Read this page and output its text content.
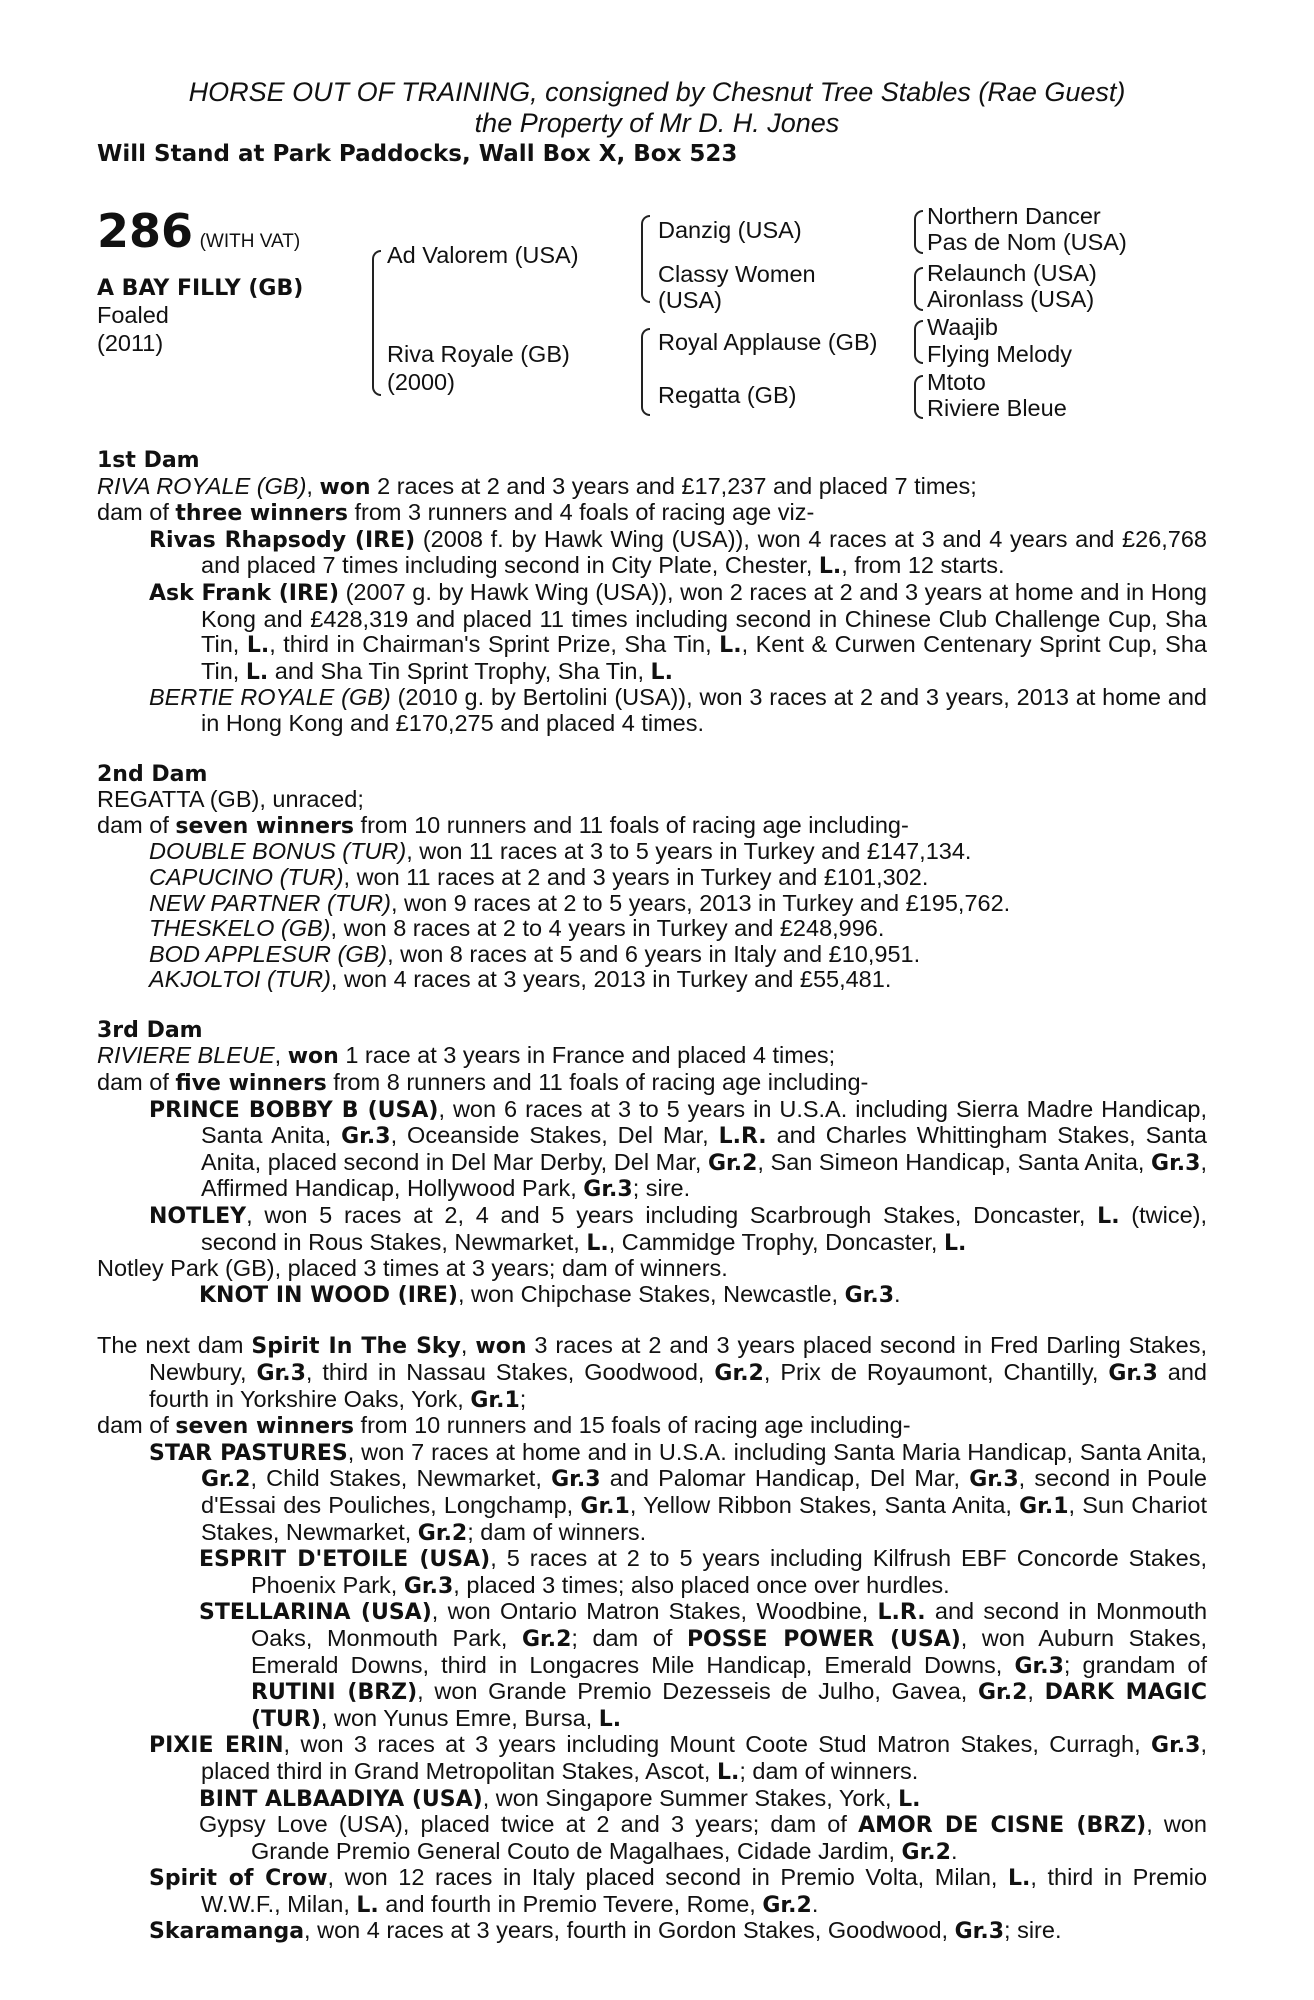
HORSE OUT OF TRAINING, consigned by Chesnut Tree Stables (Rae Guest)
the Property of Mr D. H. Jones
Will Stand at Park Paddocks, Wall Box X, Box 523
286 (WITH VAT)
A BAY FILLY (GB)
Foaled
(2011)
Ad Valorem (USA)
Riva Royale (GB)
(2000)
Danzig (USA)
Classy Women
(USA)
Royal Applause (GB)
Regatta (GB)
Northern Dancer
Pas de Nom (USA)
Relaunch (USA)
Aironlass (USA)
Waajib
Flying Melody
Mtoto
Riviere Bleue
1st Dam
RIVA ROYALE (GB), won 2 races at 2 and 3 years and £17,237 and placed 7 times;
dam of three winners from 3 runners and 4 foals of racing age viz-
Rivas Rhapsody (IRE) (2008 f. by Hawk Wing (USA)), won 4 races at 3 and 4 years and £26,768 and placed 7 times including second in City Plate, Chester, L., from 12 starts.
Ask Frank (IRE) (2007 g. by Hawk Wing (USA)), won 2 races at 2 and 3 years at home and in Hong Kong and £428,319 and placed 11 times including second in Chinese Club Challenge Cup, Sha Tin, L., third in Chairman's Sprint Prize, Sha Tin, L., Kent & Curwen Centenary Sprint Cup, Sha Tin, L. and Sha Tin Sprint Trophy, Sha Tin, L.
BERTIE ROYALE (GB) (2010 g. by Bertolini (USA)), won 3 races at 2 and 3 years, 2013 at home and in Hong Kong and £170,275 and placed 4 times.
2nd Dam
REGATTA (GB), unraced;
dam of seven winners from 10 runners and 11 foals of racing age including-
DOUBLE BONUS (TUR), won 11 races at 3 to 5 years in Turkey and £147,134.
CAPUCINO (TUR), won 11 races at 2 and 3 years in Turkey and £101,302.
NEW PARTNER (TUR), won 9 races at 2 to 5 years, 2013 in Turkey and £195,762.
THESKELO (GB), won 8 races at 2 to 4 years in Turkey and £248,996.
BOD APPLESUR (GB), won 8 races at 5 and 6 years in Italy and £10,951.
AKJOLTOI (TUR), won 4 races at 3 years, 2013 in Turkey and £55,481.
3rd Dam
RIVIERE BLEUE, won 1 race at 3 years in France and placed 4 times;
dam of five winners from 8 runners and 11 foals of racing age including-
PRINCE BOBBY B (USA), won 6 races at 3 to 5 years in U.S.A. including Sierra Madre Handicap, Santa Anita, Gr.3, Oceanside Stakes, Del Mar, L.R. and Charles Whittingham Stakes, Santa Anita, placed second in Del Mar Derby, Del Mar, Gr.2, San Simeon Handicap, Santa Anita, Gr.3, Affirmed Handicap, Hollywood Park, Gr.3; sire.
NOTLEY, won 5 races at 2, 4 and 5 years including Scarbrough Stakes, Doncaster, L. (twice), second in Rous Stakes, Newmarket, L., Cammidge Trophy, Doncaster, L.
Notley Park (GB), placed 3 times at 3 years; dam of winners.
KNOT IN WOOD (IRE), won Chipchase Stakes, Newcastle, Gr.3.
The next dam Spirit In The Sky, won 3 races at 2 and 3 years placed second in Fred Darling Stakes, Newbury, Gr.3, third in Nassau Stakes, Goodwood, Gr.2, Prix de Royaumont, Chantilly, Gr.3 and fourth in Yorkshire Oaks, York, Gr.1;
dam of seven winners from 10 runners and 15 foals of racing age including-
STAR PASTURES, won 7 races at home and in U.S.A. including Santa Maria Handicap, Santa Anita, Gr.2, Child Stakes, Newmarket, Gr.3 and Palomar Handicap, Del Mar, Gr.3, second in Poule d'Essai des Pouliches, Longchamp, Gr.1, Yellow Ribbon Stakes, Santa Anita, Gr.1, Sun Chariot Stakes, Newmarket, Gr.2; dam of winners.
ESPRIT D'ETOILE (USA), 5 races at 2 to 5 years including Kilfrush EBF Concorde Stakes, Phoenix Park, Gr.3, placed 3 times; also placed once over hurdles.
STELLARINA (USA), won Ontario Matron Stakes, Woodbine, L.R. and second in Monmouth Oaks, Monmouth Park, Gr.2; dam of POSSE POWER (USA), won Auburn Stakes, Emerald Downs, third in Longacres Mile Handicap, Emerald Downs, Gr.3; grandam of RUTINI (BRZ), won Grande Premio Dezesseis de Julho, Gavea, Gr.2, DARK MAGIC (TUR), won Yunus Emre, Bursa, L.
PIXIE ERIN, won 3 races at 3 years including Mount Coote Stud Matron Stakes, Curragh, Gr.3, placed third in Grand Metropolitan Stakes, Ascot, L.; dam of winners.
BINT ALBAADIYA (USA), won Singapore Summer Stakes, York, L.
Gypsy Love (USA), placed twice at 2 and 3 years; dam of AMOR DE CISNE (BRZ), won Grande Premio General Couto de Magalhaes, Cidade Jardim, Gr.2.
Spirit of Crow, won 12 races in Italy placed second in Premio Volta, Milan, L., third in Premio W.W.F., Milan, L. and fourth in Premio Tevere, Rome, Gr.2.
Skaramanga, won 4 races at 3 years, fourth in Gordon Stakes, Goodwood, Gr.3; sire.
